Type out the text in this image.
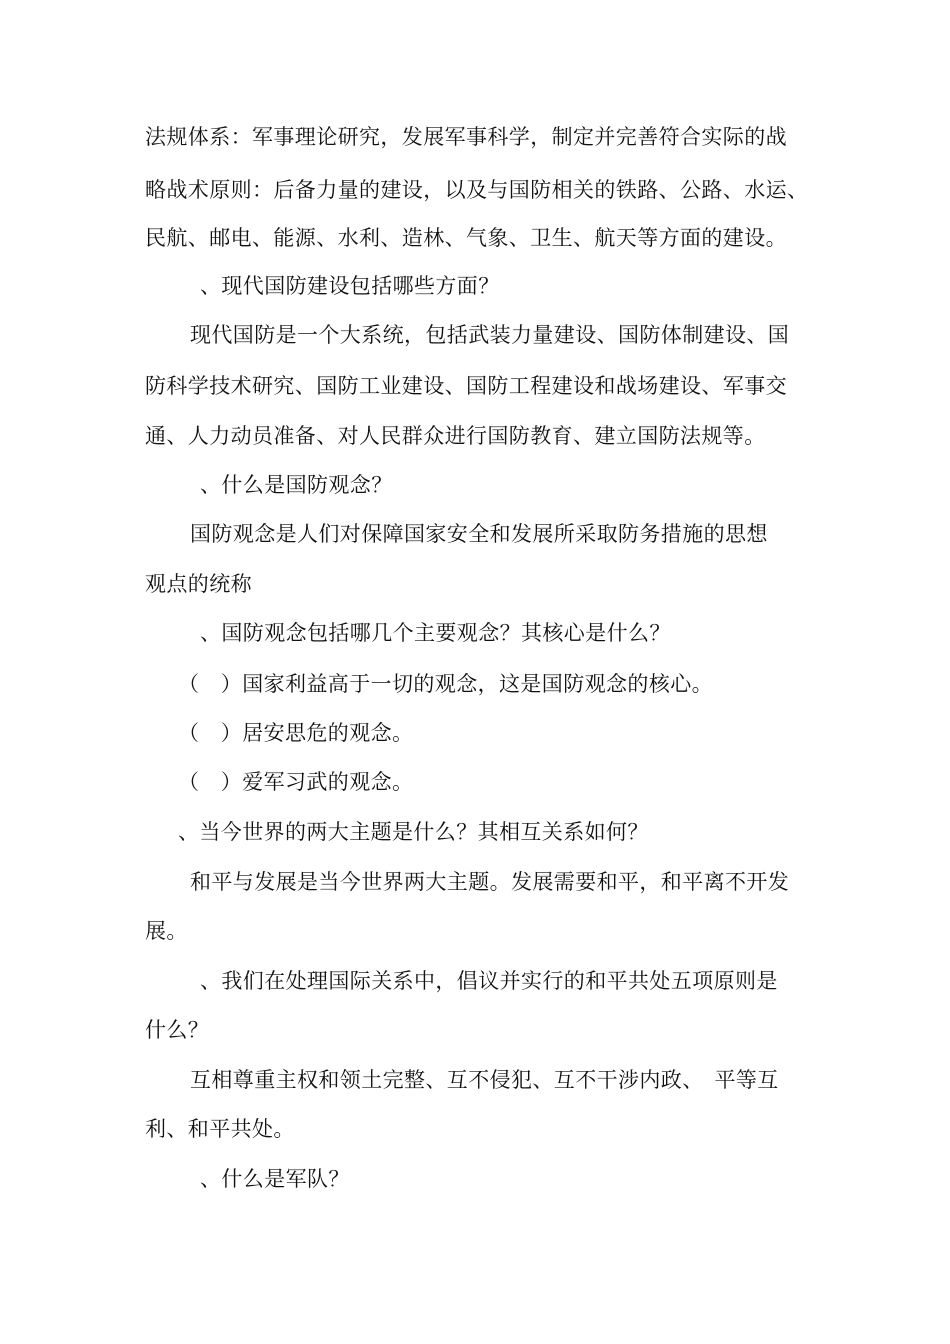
法规体系：军事理论研究，发展军事科学，制定并完善符合实际的战
略战术原则：后备力量的建设，以及与国防相关的铁路、公路、水运、
民航、邮电、能源、水利、造林、气象、卫生、航天等方面的建设。
、现代国防建设包括哪些方面？
现代国防是一个大系统，包括武装力量建设、国防体制建设、国
防科学技术研究、国防工业建设、国防工程建设和战场建设、军事交
通、人力动员准备、对人民群众进行国防教育、建立国防法规等。
、什么是国防观念？
国防观念是人们对保障国家安全和发展所采取防务措施的思想
观点的统称
、国防观念包括哪几个主要观念？其核心是什么？
（　）国家利益高于一切的观念，这是国防观念的核心。
（　）居安思危的观念。
（　）爱军习武的观念。
、当今世界的两大主题是什么？其相互关系如何？
和平与发展是当今世界两大主题。发展需要和平，和平离不开发
展。
、我们在处理国际关系中，倡议并实行的和平共处五项原则是
什么？
互相尊重主权和领土完整、互不侵犯、互不干涉内政、　平等互
利、和平共处。
、什么是军队？
